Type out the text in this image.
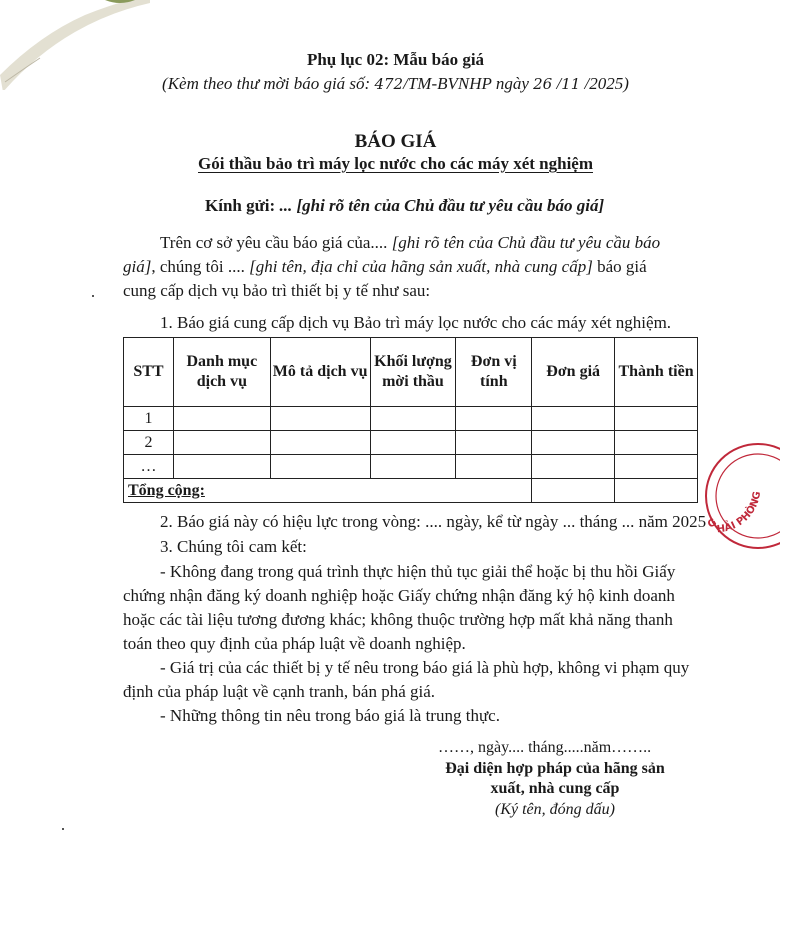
Phụ lục 02: Mẫu báo giá
(Kèm theo thư mời báo giá số: 472/TM-BVNHP ngày 26 /11 /2025)
BÁO GIÁ
Gói thầu bảo trì máy lọc nước cho các máy xét nghiệm
Kính gửi: ... [ghi rõ tên của Chủ đầu tư yêu cầu báo giá]
Trên cơ sở yêu cầu báo giá của.... [ghi rõ tên của Chủ đầu tư yêu cầu báo
giá], chúng tôi .... [ghi tên, địa chỉ của hãng sản xuất, nhà cung cấp] báo giá
cung cấp dịch vụ bảo trì thiết bị y tế như sau:
1. Báo giá cung cấp dịch vụ Bảo trì máy lọc nước cho các máy xét nghiệm.
STT	Danh mục dịch vụ	Mô tả dịch vụ	Khối lượng mời thầu	Đơn vị tính	Đơn giá	Thành tiền
1						
2						
…						
Tổng cộng:						
2. Báo giá này có hiệu lực trong vòng: .... ngày, kể từ ngày ... tháng ... năm 2025
3. Chúng tôi cam kết:
- Không đang trong quá trình thực hiện thủ tục giải thể hoặc bị thu hồi Giấy
chứng nhận đăng ký doanh nghiệp hoặc Giấy chứng nhận đăng ký hộ kinh doanh
hoặc các tài liệu tương đương khác; không thuộc trường hợp mất khả năng thanh
toán theo quy định của pháp luật về doanh nghiệp.
- Giá trị của các thiết bị y tế nêu trong báo giá là phù hợp, không vi phạm quy
định của pháp luật về cạnh tranh, bán phá giá.
- Những thông tin nêu trong báo giá là trung thực.
……, ngày.... tháng.....năm……..
Đại diện hợp pháp của hãng sản
xuất, nhà cung cấp
(Ký tên, đóng dấu)
HẢI PHÒNG
G
